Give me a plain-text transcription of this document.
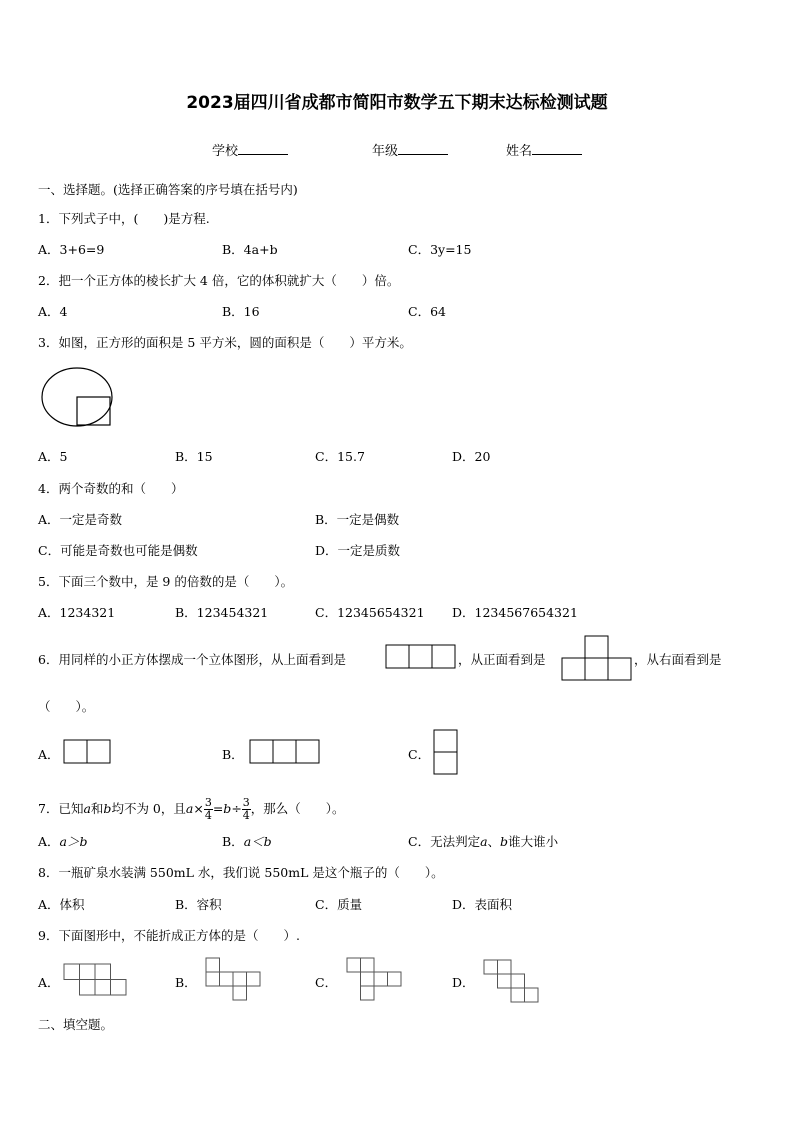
2023届四川省成都市简阳市数学五下期末达标检测试题
学校	年级	姓名
一、选择题。(选择正确答案的序号填在括号内)
1．下列式子中，(　　)是方程.
A．3+6=9	B．4a+b	C．3y=15
2．把一个正方体的棱长扩大 4 倍，它的体积就扩大（　　）倍。
A．4	B．16	C．64
3．如图，正方形的面积是 5 平方米，圆的面积是（　　）平方米。
A．5	B．15	C．15.7	D．20
4．两个奇数的和（　　）
A．一定是奇数	B．一定是偶数
C．可能是奇数也可能是偶数	D．一定是质数
5．下面三个数中，是 9 的倍数的是（　　）。
A．1234321	B．123454321	C．12345654321 D．1234567654321
6．用同样的小正方体摆成一个立体图形，从上面看到是	，从正面看到是	，从右面看到是
（　　）。
A．	B．	C．
7．已知a和b均不为 0，且$a\times \frac{3}{4} =b\div \frac{3}{4}$ ，那么（　　）。
A．a＞b	B．a＜b	C．无法判定a、b谁大谁小
8．一瓶矿泉水装满 550mL 水，我们说 550mL 是这个瓶子的（　　）。
A．体积	B．容积	C．质量	D．表面积
9．下面图形中，不能折成正方体的是（　　）.
A．	B．	C．	D．
二、填空题。
